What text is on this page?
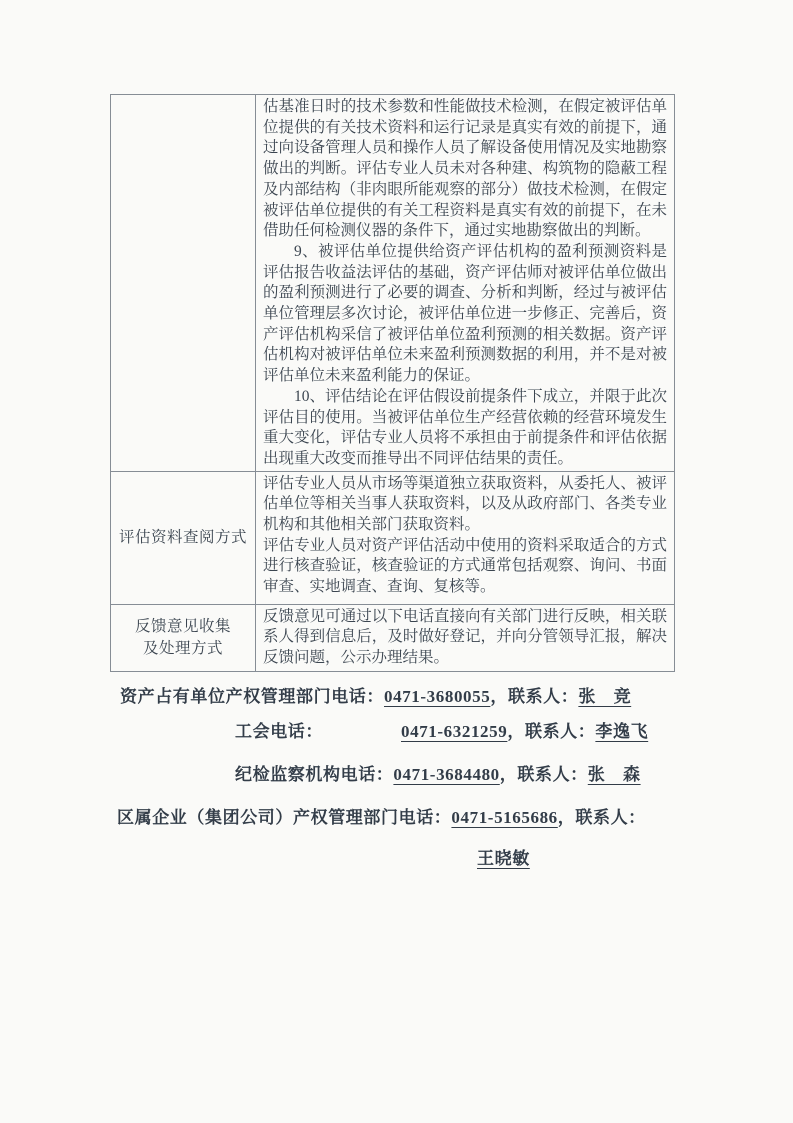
	估基准日时的技术参数和性能做技术检测，在假定被评估单位提供的有关技术资料和运行记录是真实有效的前提下，通过向设备管理人员和操作人员了解设备使用情况及实地勘察做出的判断。评估专业人员未对各种建、构筑物的隐蔽工程及内部结构（非肉眼所能观察的部分）做技术检测，在假定被评估单位提供的有关工程资料是真实有效的前提下，在未借助任何检测仪器的条件下，通过实地勘察做出的判断。

9、被评估单位提供给资产评估机构的盈利预测资料是评估报告收益法评估的基础，资产评估师对被评估单位做出的盈利预测进行了必要的调查、分析和判断，经过与被评估单位管理层多次讨论，被评估单位进一步修正、完善后，资产评估机构采信了被评估单位盈利预测的相关数据。资产评估机构对被评估单位未来盈利预测数据的利用，并不是对被评估单位未来盈利能力的保证。

10、评估结论在评估假设前提条件下成立，并限于此次评估目的使用。当被评估单位生产经营依赖的经营环境发生重大变化，评估专业人员将不承担由于前提条件和评估依据出现重大改变而推导出不同评估结果的责任。

评估资料查阅方式	评估专业人员从市场等渠道独立获取资料，从委托人、被评估单位等相关当事人获取资料，以及从政府部门、各类专业机构和其他相关部门获取资料。

评估专业人员对资产评估活动中使用的资料采取适合的方式进行核查验证，核查验证的方式通常包括观察、询问、书面审查、实地调查、查询、复核等。

反馈意见收集
及处理方式	反馈意见可通过以下电话直接向有关部门进行反映，相关联系人得到信息后，及时做好登记，并向分管领导汇报，解决反馈问题，公示办理结果。

资产占有单位产权管理部门电话：0471-3680055，联系人：张　竞
工会电话：	0471-6321259，联系人：李逸飞
纪检监察机构电话：0471-3684480，联系人：张　森
区属企业（集团公司）产权管理部门电话：0471-5165686，联系人：
王晓敏
